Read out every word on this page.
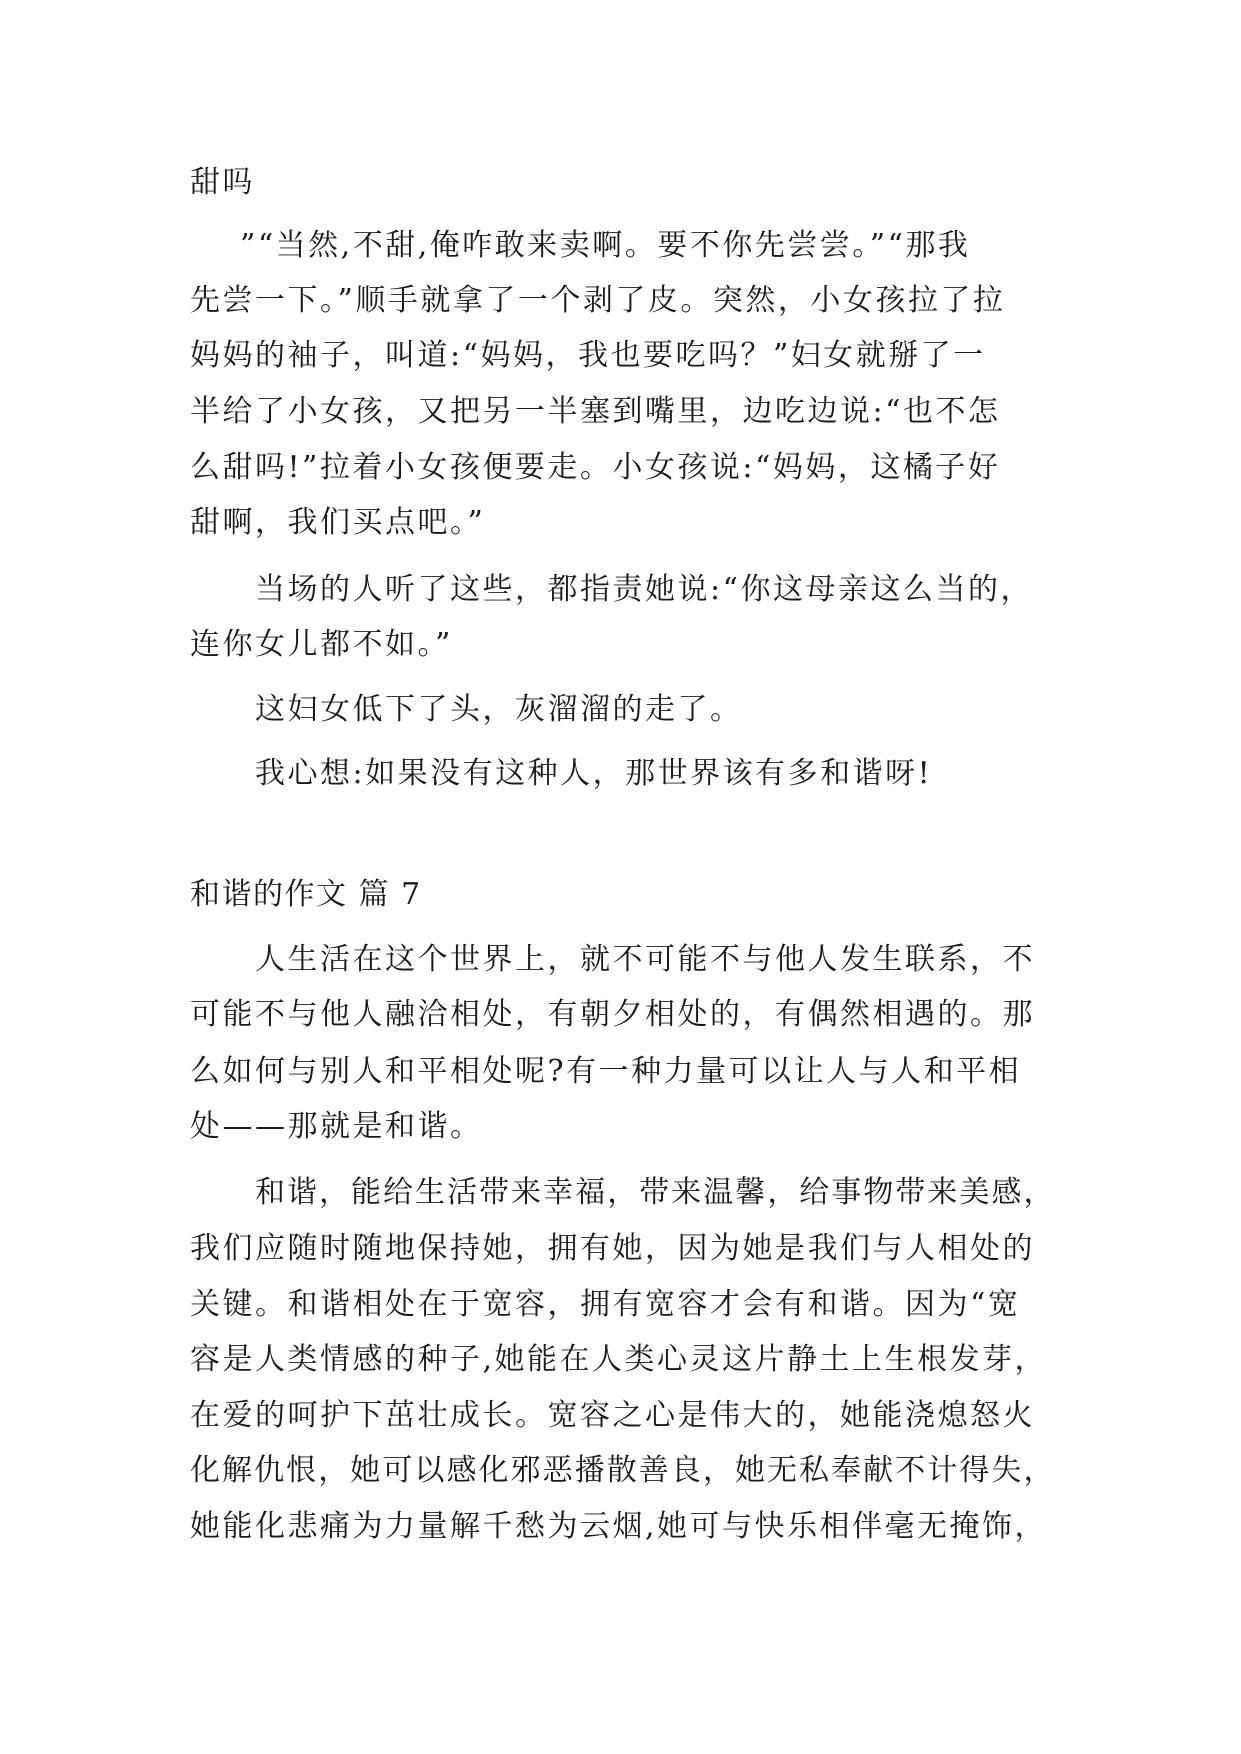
甜吗
”“当然,不甜,俺咋敢来卖啊。要不你先尝尝。”“那我
先尝一下。”顺手就拿了一个剥了皮。突然，小女孩拉了拉
妈妈的袖子，叫道:“妈妈，我也要吃吗？”妇女就掰了一
半给了小女孩，又把另一半塞到嘴里，边吃边说:“也不怎
么甜吗!”拉着小女孩便要走。小女孩说:“妈妈，这橘子好
甜啊，我们买点吧。”
当场的人听了这些，都指责她说:“你这母亲这么当的，
连你女儿都不如。”
这妇女低下了头，灰溜溜的走了。
我心想:如果没有这种人，那世界该有多和谐呀!
和谐的作文 篇 7
人生活在这个世界上，就不可能不与他人发生联系，不
可能不与他人融洽相处，有朝夕相处的，有偶然相遇的。那
么如何与别人和平相处呢?有一种力量可以让人与人和平相
处——那就是和谐。
和谐，能给生活带来幸福，带来温馨，给事物带来美感，
我们应随时随地保持她，拥有她，因为她是我们与人相处的
关键。和谐相处在于宽容，拥有宽容才会有和谐。因为“宽
容是人类情感的种子,她能在人类心灵这片静土上生根发芽，
在爱的呵护下茁壮成长。宽容之心是伟大的，她能浇熄怒火
化解仇恨，她可以感化邪恶播散善良，她无私奉献不计得失，
她能化悲痛为力量解千愁为云烟,她可与快乐相伴毫无掩饰，
